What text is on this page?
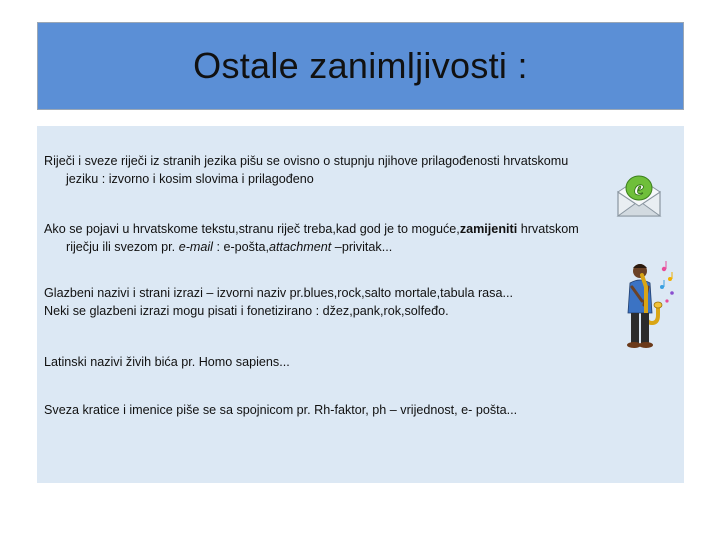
Ostale zanimljivosti :

Riječi i sveze riječi iz stranih jezika pišu se ovisno o stupnju njihove prilagođenosti hrvatskomu
jeziku : izvorno i kosim slovima i prilagođeno

Ako se pojavi u hrvatskome tekstu,stranu riječ treba,kad god je to moguće,zamijeniti hrvatskom
riječju ili svezom pr. e-mail : e-pošta,attachment –privitak...

Glazbeni nazivi i strani izrazi – izvorni naziv pr.blues,rock,salto mortale,tabula rasa...
Neki se glazbeni izrazi mogu pisati i fonetizirano : džez,pank,rok,solfeđo.

Latinski nazivi živih bića pr. Homo sapiens...

Sveza kratice i imenice piše se sa spojnicom pr. Rh-faktor, ph – vrijednost, e- pošta...

e
